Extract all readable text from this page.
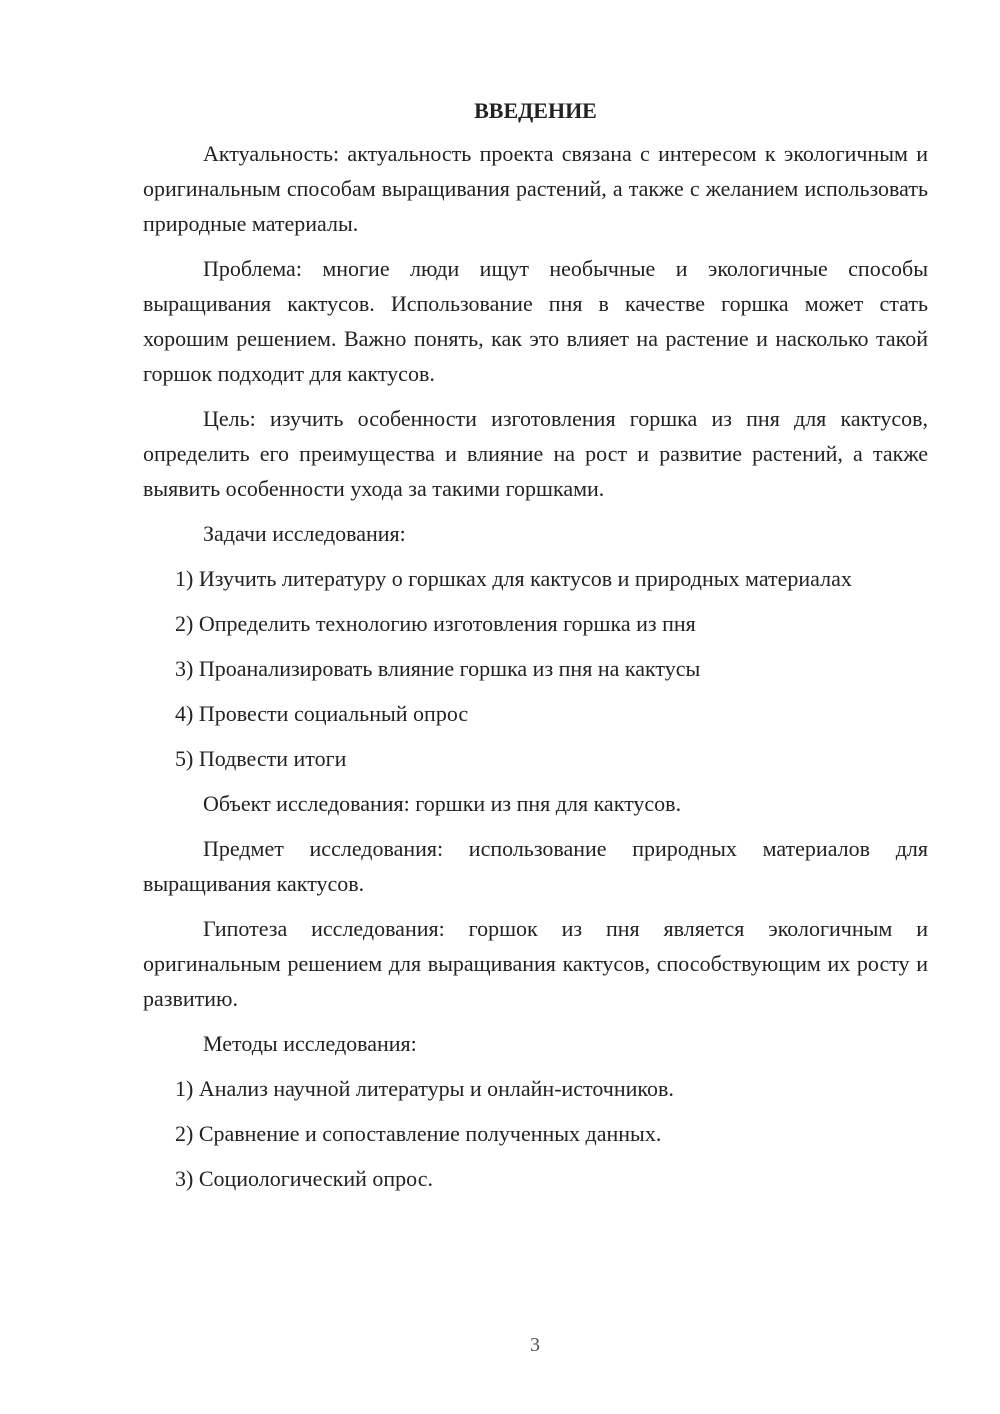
ВВЕДЕНИЕ
Актуальность: актуальность проекта связана с интересом к экологичным и оригинальным способам выращивания растений, а также с желанием использовать природные материалы.
Проблема: многие люди ищут необычные и экологичные способы выращивания кактусов. Использование пня в качестве горшка может стать хорошим решением. Важно понять, как это влияет на растение и насколько такой горшок подходит для кактусов.
Цель: изучить особенности изготовления горшка из пня для кактусов, определить его преимущества и влияние на рост и развитие растений, а также выявить особенности ухода за такими горшками.
Задачи исследования:
1) Изучить литературу о горшках для кактусов и природных материалах
2) Определить технологию изготовления горшка из пня
3) Проанализировать влияние горшка из пня на кактусы
4) Провести социальный опрос
5) Подвести итоги
Объект исследования: горшки из пня для кактусов.
Предмет исследования: использование природных материалов для выращивания кактусов.
Гипотеза исследования: горшок из пня является экологичным и оригинальным решением для выращивания кактусов, способствующим их росту и развитию.
Методы исследования:
1) Анализ научной литературы и онлайн-источников.
2) Сравнение и сопоставление полученных данных.
3) Социологический опрос.
3
